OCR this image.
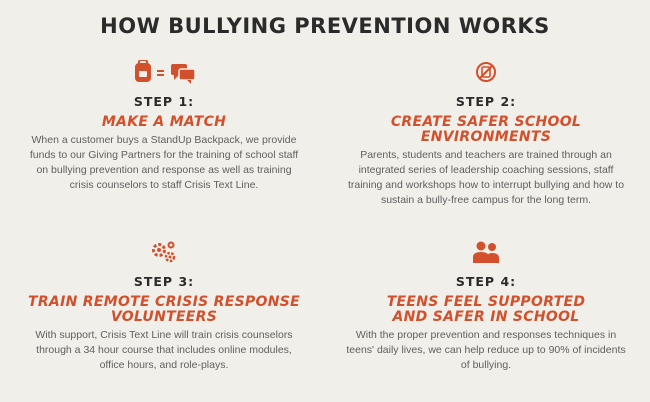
HOW BULLYING PREVENTION WORKS
STEP 1:
MAKE A MATCH
When a customer buys a StandUp Backpack, we provide funds to our Giving Partners for the training of school staff on bullying prevention and response as well as training crisis counselors to staff Crisis Text Line.
STEP 2:
CREATE SAFER SCHOOL
ENVIRONMENTS
Parents, students and teachers are trained through an integrated series of leadership coaching sessions, staff training and workshops how to interrupt bullying and how to sustain a bully-free campus for the long term.
STEP 3:
TRAIN REMOTE CRISIS RESPONSE
VOLUNTEERS
With support, Crisis Text Line will train crisis counselors through a 34 hour course that includes online modules, office hours, and role-plays.
STEP 4:
TEENS FEEL SUPPORTED
AND SAFER IN SCHOOL
With the proper prevention and responses techniques in teens' daily lives, we can help reduce up to 90% of incidents of bullying.
